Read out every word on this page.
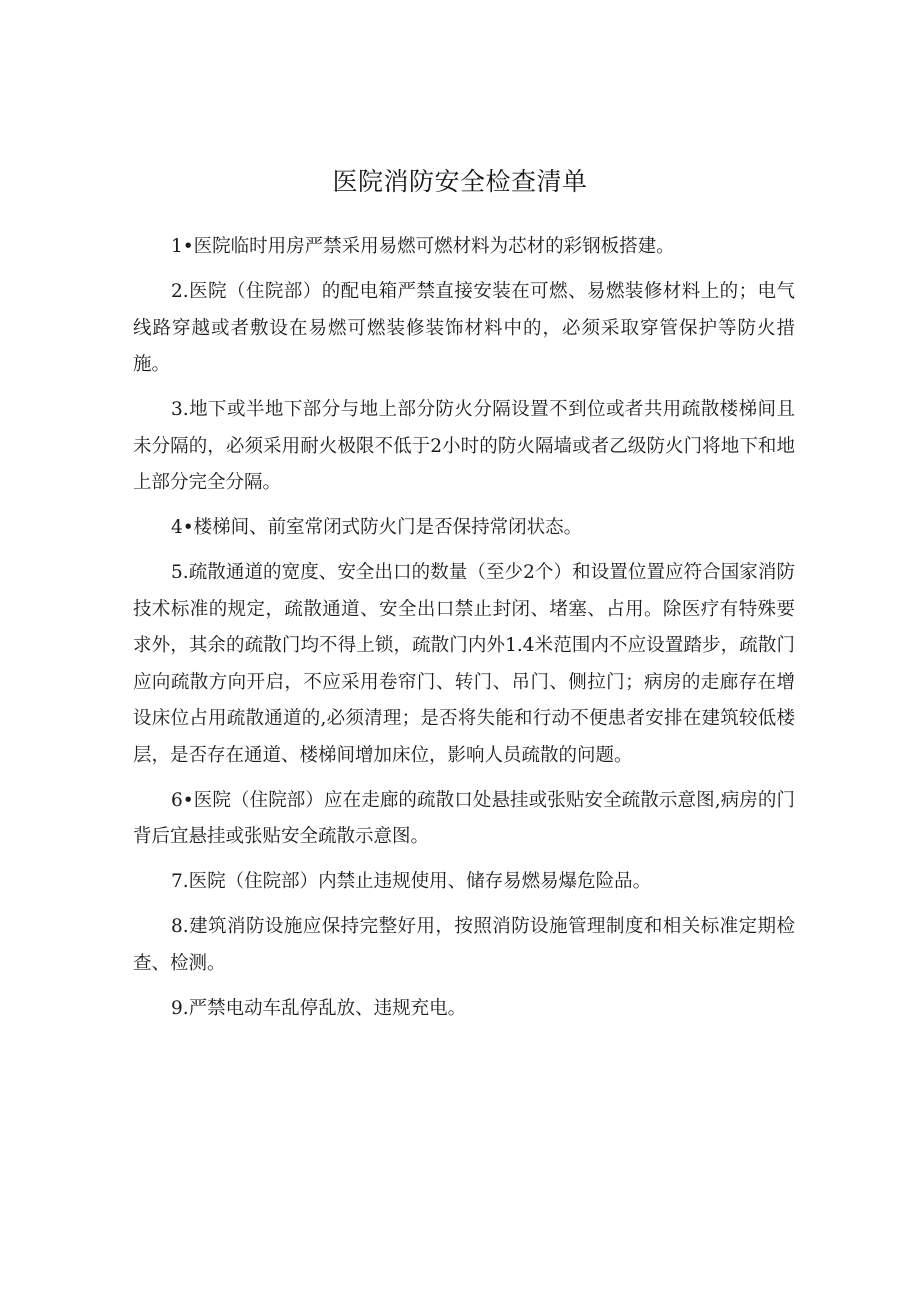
医院消防安全检查清单

1•医院临时用房严禁采用易燃可燃材料为芯材的彩钢板搭建。

2.医院（住院部）的配电箱严禁直接安装在可燃、易燃装修材料上的；电气线路穿越或者敷设在易燃可燃装修装饰材料中的，必须采取穿管保护等防火措施。

3.地下或半地下部分与地上部分防火分隔设置不到位或者共用疏散楼梯间且未分隔的，必须采用耐火极限不低于2小时的防火隔墙或者乙级防火门将地下和地上部分完全分隔。

4•楼梯间、前室常闭式防火门是否保持常闭状态。

5.疏散通道的宽度、安全出口的数量（至少2个）和设置位置应符合国家消防技术标准的规定，疏散通道、安全出口禁止封闭、堵塞、占用。除医疗有特殊要求外，其余的疏散门均不得上锁，疏散门内外1.4米范围内不应设置踏步，疏散门应向疏散方向开启，不应采用卷帘门、转门、吊门、侧拉门；病房的走廊存在增设床位占用疏散通道的,必须清理；是否将失能和行动不便患者安排在建筑较低楼层，是否存在通道、楼梯间增加床位，影响人员疏散的问题。

6•医院（住院部）应在走廊的疏散口处悬挂或张贴安全疏散示意图,病房的门背后宜悬挂或张贴安全疏散示意图。

7.医院（住院部）内禁止违规使用、储存易燃易爆危险品。

8.建筑消防设施应保持完整好用，按照消防设施管理制度和相关标准定期检查、检测。

9.严禁电动车乱停乱放、违规充电。
